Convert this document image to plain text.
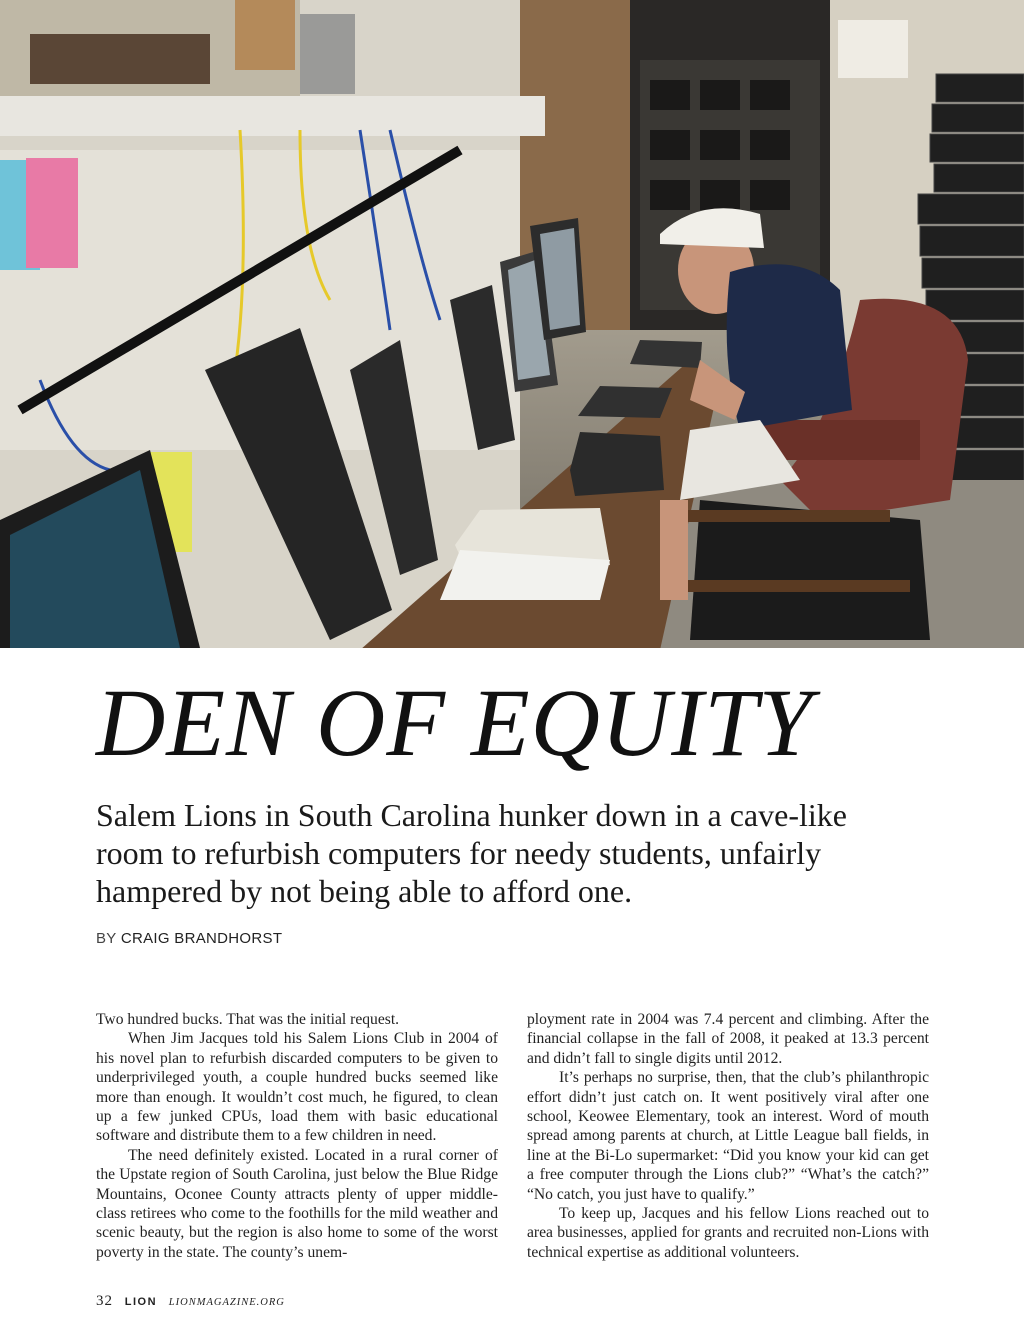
DEN OF EQUITY

Salem Lions in South Carolina hunker down in a cave-like room to refurbish computers for needy students, unfairly hampered by not being able to afford one.

BY CRAIG BRANDHORST

Two hundred bucks. That was the initial request.

When Jim Jacques told his Salem Lions Club in 2004 of his novel plan to refurbish discarded computers to be given to underprivileged youth, a couple hundred bucks seemed like more than enough. It wouldn’t cost much, he figured, to clean up a few junked CPUs, load them with basic educational software and distribute them to a few children in need.

The need definitely existed. Located in a rural corner of the Upstate region of South Carolina, just below the Blue Ridge Mountains, Oconee County attracts plenty of upper middle-class retirees who come to the foothills for the mild weather and scenic beauty, but the region is also home to some of the worst poverty in the state. The county’s unem-

ployment rate in 2004 was 7.4 percent and climbing. After the financial collapse in the fall of 2008, it peaked at 13.3 percent and didn’t fall to single digits until 2012.

It’s perhaps no surprise, then, that the club’s philanthropic effort didn’t just catch on. It went positively viral after one school, Keowee Elementary, took an interest. Word of mouth spread among parents at church, at Little League ball fields, in line at the Bi-Lo supermarket: “Did you know your kid can get a free computer through the Lions club?” “What’s the catch?” “No catch, you just have to qualify.”

To keep up, Jacques and his fellow Lions reached out to area businesses, applied for grants and recruited non-Lions with technical expertise as additional volunteers.

32 LION LIONMAGAZINE.ORG
